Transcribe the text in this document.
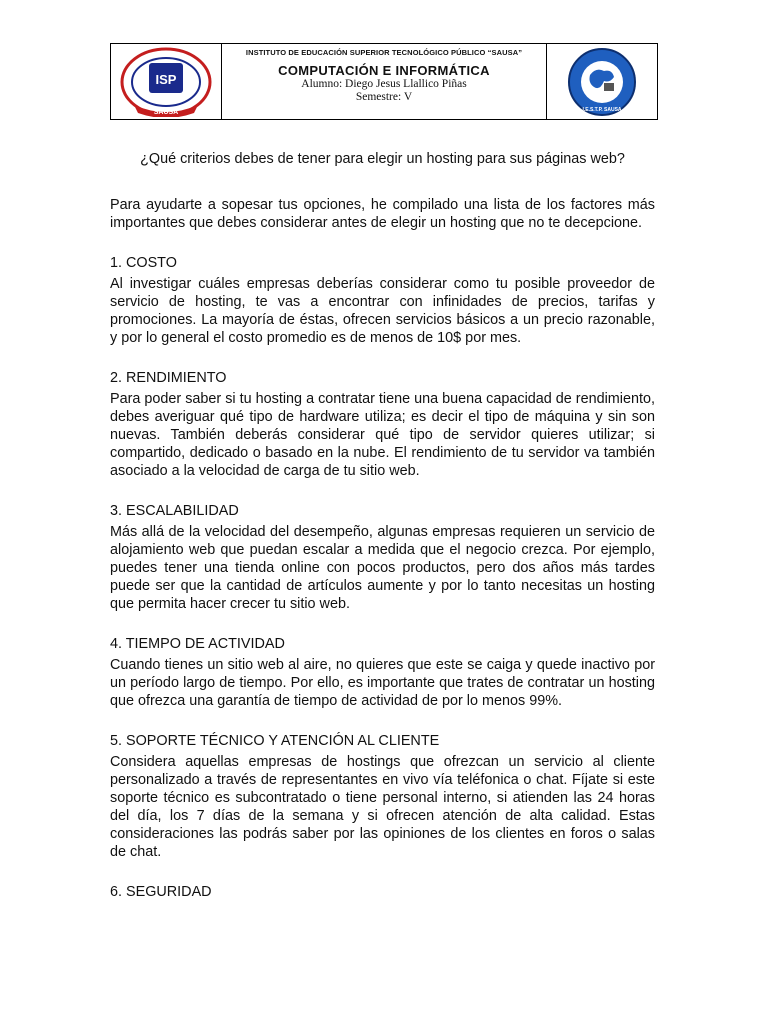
ISP
SAUSA
INSTITUTO DE EDUCACIÓN SUPERIOR TECNOLÓGICO PÚBLICO “SAUSA”
COMPUTACIÓN E INFORMÁTICA
Alumno: Diego Jesus Llallico Piñas
Semestre: V
I.E.S.T.P. SAUSA

¿Qué criterios debes de tener para elegir un hosting para sus páginas web?

Para ayudarte a sopesar tus opciones, he compilado una lista de los factores más importantes que debes considerar antes de elegir un hosting que no te decepcione.

1. COSTO

Al investigar cuáles empresas deberías considerar como tu posible proveedor de servicio de hosting, te vas a encontrar con infinidades de precios, tarifas y promociones. La mayoría de éstas, ofrecen servicios básicos a un precio razonable, y por lo general el costo promedio es de menos de 10$ por mes.

2. RENDIMIENTO

Para poder saber si tu hosting a contratar tiene una buena capacidad de rendimiento, debes averiguar qué tipo de hardware utiliza; es decir el tipo de máquina y sin son nuevas. También deberás considerar qué tipo de servidor quieres utilizar; si compartido, dedicado o basado en la nube. El rendimiento de tu servidor va también asociado a la velocidad de carga de tu sitio web.

3. ESCALABILIDAD

Más allá de la velocidad del desempeño, algunas empresas requieren un servicio de alojamiento web que puedan escalar a medida que el negocio crezca. Por ejemplo, puedes tener una tienda online con pocos productos, pero dos años más tardes puede ser que la cantidad de artículos aumente y por lo tanto necesitas un hosting que permita hacer crecer tu sitio web.

4. TIEMPO DE ACTIVIDAD

Cuando tienes un sitio web al aire, no quieres que este se caiga y quede inactivo por un período largo de tiempo. Por ello, es importante que trates de contratar un hosting que ofrezca una garantía de tiempo de actividad de por lo menos 99%.

5. SOPORTE TÉCNICO Y ATENCIÓN AL CLIENTE

Considera aquellas empresas de hostings que ofrezcan un servicio al cliente personalizado a través de representantes en vivo vía teléfonica o chat. Fíjate si este soporte técnico es subcontratado o tiene personal interno, si atienden las 24 horas del día, los 7 días de la semana y si ofrecen atención de alta calidad. Estas consideraciones las podrás saber por las opiniones de los clientes en foros o salas de chat.

6. SEGURIDAD
